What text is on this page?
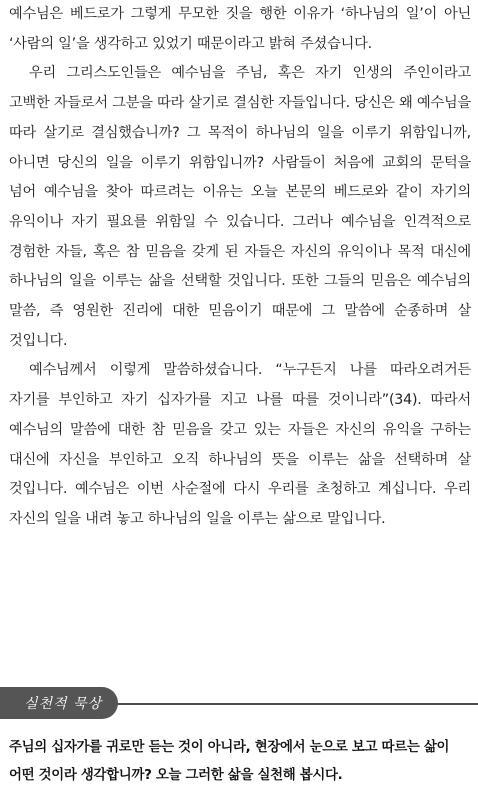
예수님은 베드로가 그렇게 무모한 짓을 행한 이유가 ‘하나님의 일’이 아닌 ‘사람의 일’을 생각하고 있었기 때문이라고 밝혀 주셨습니다.

우리 그리스도인들은 예수님을 주님, 혹은 자기 인생의 주인이라고 고백한 자들로서 그분을 따라 살기로 결심한 자들입니다. 당신은 왜 예수님을 따라 살기로 결심했습니까? 그 목적이 하나님의 일을 이루기 위함입니까, 아니면 당신의 일을 이루기 위함입니까? 사람들이 처음에 교회의 문턱을 넘어 예수님을 찾아 따르려는 이유는 오늘 본문의 베드로와 같이 자기의 유익이나 자기 필요를 위함일 수 있습니다. 그러나 예수님을 인격적으로 경험한 자들, 혹은 참 믿음을 갖게 된 자들은 자신의 유익이나 목적 대신에 하나님의 일을 이루는 삶을 선택할 것입니다. 또한 그들의 믿음은 예수님의 말씀, 즉 영원한 진리에 대한 믿음이기 때문에 그 말씀에 순종하며 살 것입니다.

예수님께서 이렇게 말씀하셨습니다. “누구든지 나를 따라오려거든 자기를 부인하고 자기 십자가를 지고 나를 따를 것이니라”(34). 따라서 예수님의 말씀에 대한 참 믿음을 갖고 있는 자들은 자신의 유익을 구하는 대신에 자신을 부인하고 오직 하나님의 뜻을 이루는 삶을 선택하며 살 것입니다. 예수님은 이번 사순절에 다시 우리를 초청하고 계십니다. 우리 자신의 일을 내려 놓고 하나님의 일을 이루는 삶으로 말입니다.

실천적 묵상

주님의 십자가를 귀로만 듣는 것이 아니라, 현장에서 눈으로 보고 따르는 삶이 어떤 것이라 생각합니까? 오늘 그러한 삶을 실천해 봅시다.
